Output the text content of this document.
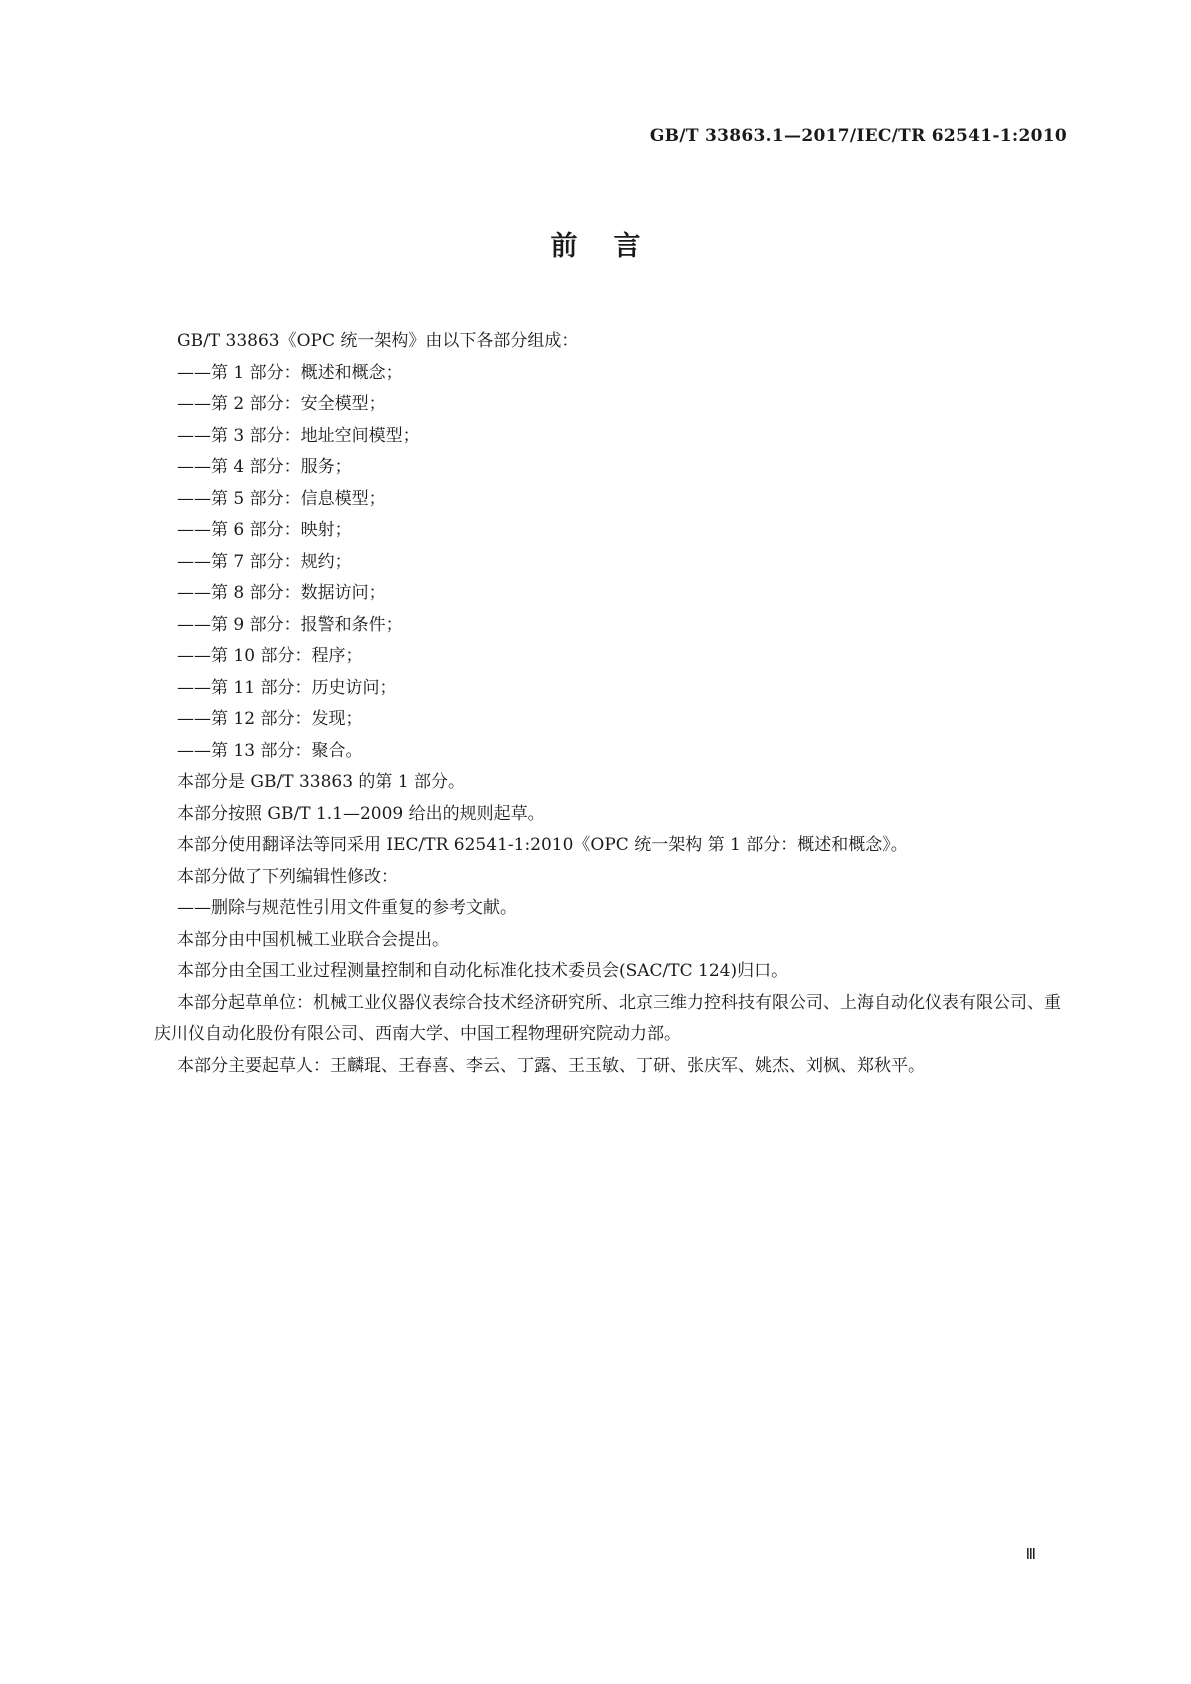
GB/T 33863.1—2017/IEC/TR 62541-1:2010
前言

GB/T 33863《OPC 统一架构》由以下各部分组成：

——第 1 部分：概述和概念；

——第 2 部分：安全模型；

——第 3 部分：地址空间模型；

——第 4 部分：服务；

——第 5 部分：信息模型；

——第 6 部分：映射；

——第 7 部分：规约；

——第 8 部分：数据访问；

——第 9 部分：报警和条件；

——第 10 部分：程序；

——第 11 部分：历史访问；

——第 12 部分：发现；

——第 13 部分：聚合。

本部分是 GB/T 33863 的第 1 部分。

本部分按照 GB/T 1.1—2009 给出的规则起草。

本部分使用翻译法等同采用 IEC/TR 62541-1:2010《OPC 统一架构 第 1 部分：概述和概念》。

本部分做了下列编辑性修改：

——删除与规范性引用文件重复的参考文献。

本部分由中国机械工业联合会提出。

本部分由全国工业过程测量控制和自动化标准化技术委员会(SAC/TC 124)归口。

本部分起草单位：机械工业仪器仪表综合技术经济研究所、北京三维力控科技有限公司、上海自动化仪表有限公司、重庆川仪自动化股份有限公司、西南大学、中国工程物理研究院动力部。

本部分主要起草人：王麟琨、王春喜、李云、丁露、王玉敏、丁研、张庆军、姚杰、刘枫、郑秋平。

Ⅲ
